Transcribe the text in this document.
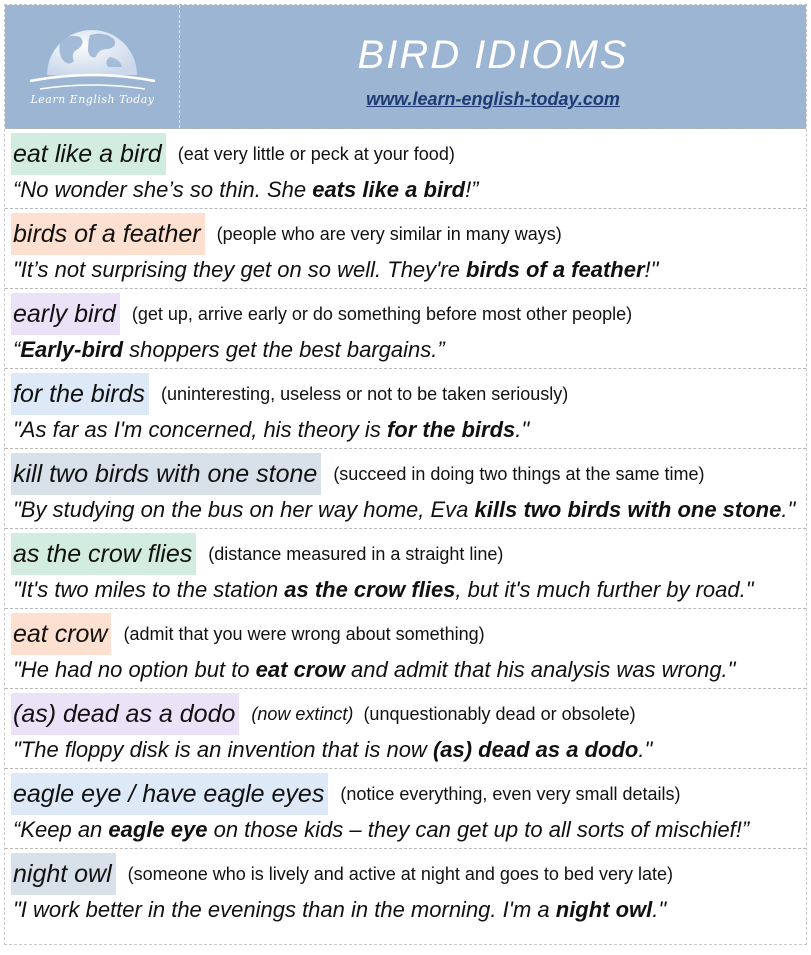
Learn English Today
BIRD IDIOMS
www.learn-english-today.com
eat like a bird (eat very little or peck at your food)
“No wonder she’s so thin. She eats like a bird!”
birds of a feather (people who are very similar in many ways)
"It’s not surprising they get on so well. They're birds of a feather!"
early bird (get up, arrive early or do something before most other people)
“Early-bird shoppers get the best bargains.”
for the birds (uninteresting, useless or not to be taken seriously)
"As far as I'm concerned, his theory is for the birds."
kill two birds with one stone (succeed in doing two things at the same time)
"By studying on the bus on her way home, Eva kills two birds with one stone."
as the crow flies (distance measured in a straight line)
"It's two miles to the station as the crow flies, but it's much further by road."
eat crow (admit that you were wrong about something)
"He had no option but to eat crow and admit that his analysis was wrong."
(as) dead as a dodo (now extinct) (unquestionably dead or obsolete)
"The floppy disk is an invention that is now (as) dead as a dodo."
eagle eye / have eagle eyes (notice everything, even very small details)
“Keep an eagle eye on those kids – they can get up to all sorts of mischief!”
night owl (someone who is lively and active at night and goes to bed very late)
"I work better in the evenings than in the morning. I'm a night owl."
